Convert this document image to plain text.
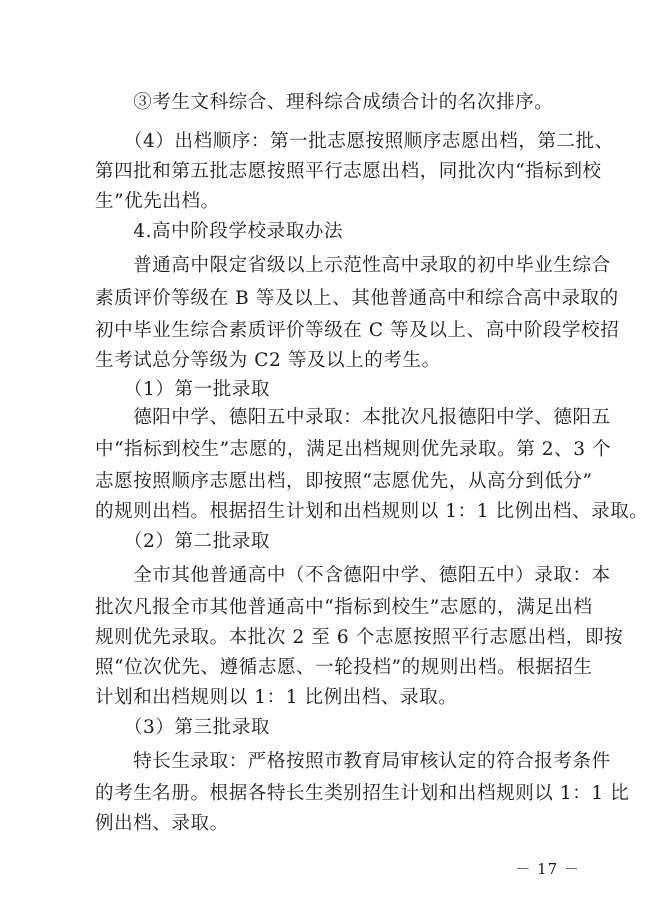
　　③考生文科综合、理科综合成绩合计的名次排序。
　　（4）出档顺序：第一批志愿按照顺序志愿出档，第二批、
第四批和第五批志愿按照平行志愿出档，同批次内“指标到校
生”优先出档。
　　4.高中阶段学校录取办法
　　普通高中限定省级以上示范性高中录取的初中毕业生综合
素质评价等级在 B 等及以上、其他普通高中和综合高中录取的
初中毕业生综合素质评价等级在 C 等及以上、高中阶段学校招
生考试总分等级为 C2 等及以上的考生。
　　（1）第一批录取
　　德阳中学、德阳五中录取：本批次凡报德阳中学、德阳五
中“指标到校生”志愿的，满足出档规则优先录取。第 2、3 个
志愿按照顺序志愿出档，即按照“志愿优先，从高分到低分”
的规则出档。根据招生计划和出档规则以 1：1 比例出档、录取。
　　（2）第二批录取
　　全市其他普通高中（不含德阳中学、德阳五中）录取：本
批次凡报全市其他普通高中“指标到校生”志愿的，满足出档
规则优先录取。本批次 2 至 6 个志愿按照平行志愿出档，即按
照“位次优先、遵循志愿、一轮投档”的规则出档。根据招生
计划和出档规则以 1：1 比例出档、录取。
　　（3）第三批录取
　　特长生录取：严格按照市教育局审核认定的符合报考条件
的考生名册。根据各特长生类别招生计划和出档规则以 1：1 比
例出档、录取。
－ 17 －
